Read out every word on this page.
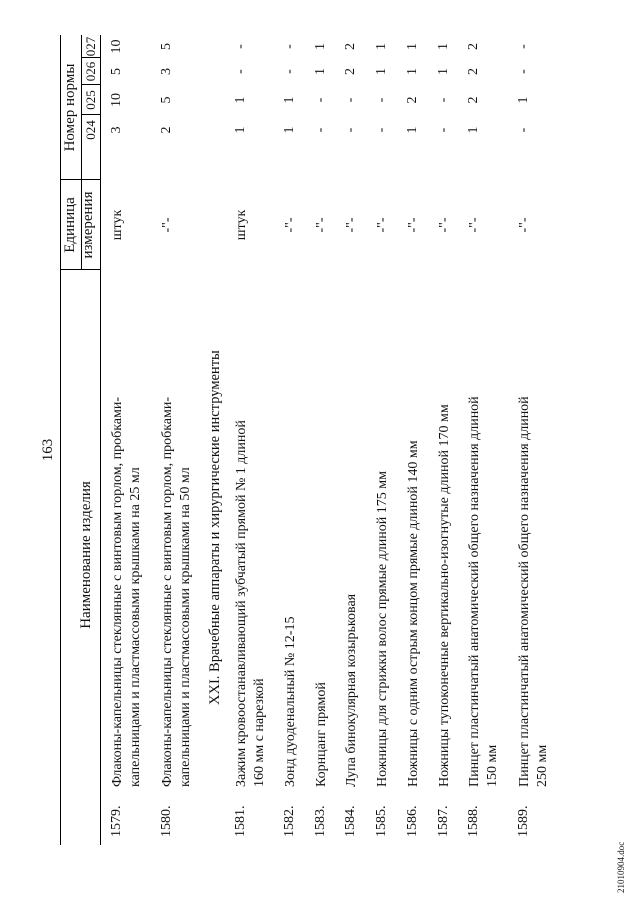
163
Наименование изделия
Единица измерения
Номер нормы 024
025
026
027
1579.
Флаконы-капельницы стеклянные с винтовым горлом, пробками- капельницами и пластмассовыми крышками на 25 мл
штук
3
10
5
10
1580.
Флаконы-капельницы стеклянные с винтовым горлом, пробками- капельницами и пластмассовыми крышками на 50 мл
-"-
2
5
3
5
XXI. Врачебные аппараты и хирургические инструменты
1581.
Зажим кровоостанавливающий зубчатый прямой № 1 длиной 160 мм с нарезкой
штук
1
1
-
-
1582.
Зонд дуоденальный № 12-15
-"-
1
1
-
-
1583.
Корнцанг прямой
-"-
-
-
1
1
1584.
Лупа бинокулярная козырьковая
-"-
-
-
2
2
1585.
Ножницы для стрижки волос прямые длиной 175 мм
-"-
-
-
1
1
1586.
Ножницы с одним острым концом прямые длиной 140 мм
-"-
1
2
1
1
1587.
Ножницы тупоконечные вертикально-изогнутые длиной 170 мм
-"-
-
-
1
1
1588.
Пинцет пластинчатый анатомический общего назначения длиной 150 мм
-"-
1
2
2
2
1589.
Пинцет пластинчатый анатомический общего назначения длиной 250 мм
-"-
-
1
-
-
21010904.doc
